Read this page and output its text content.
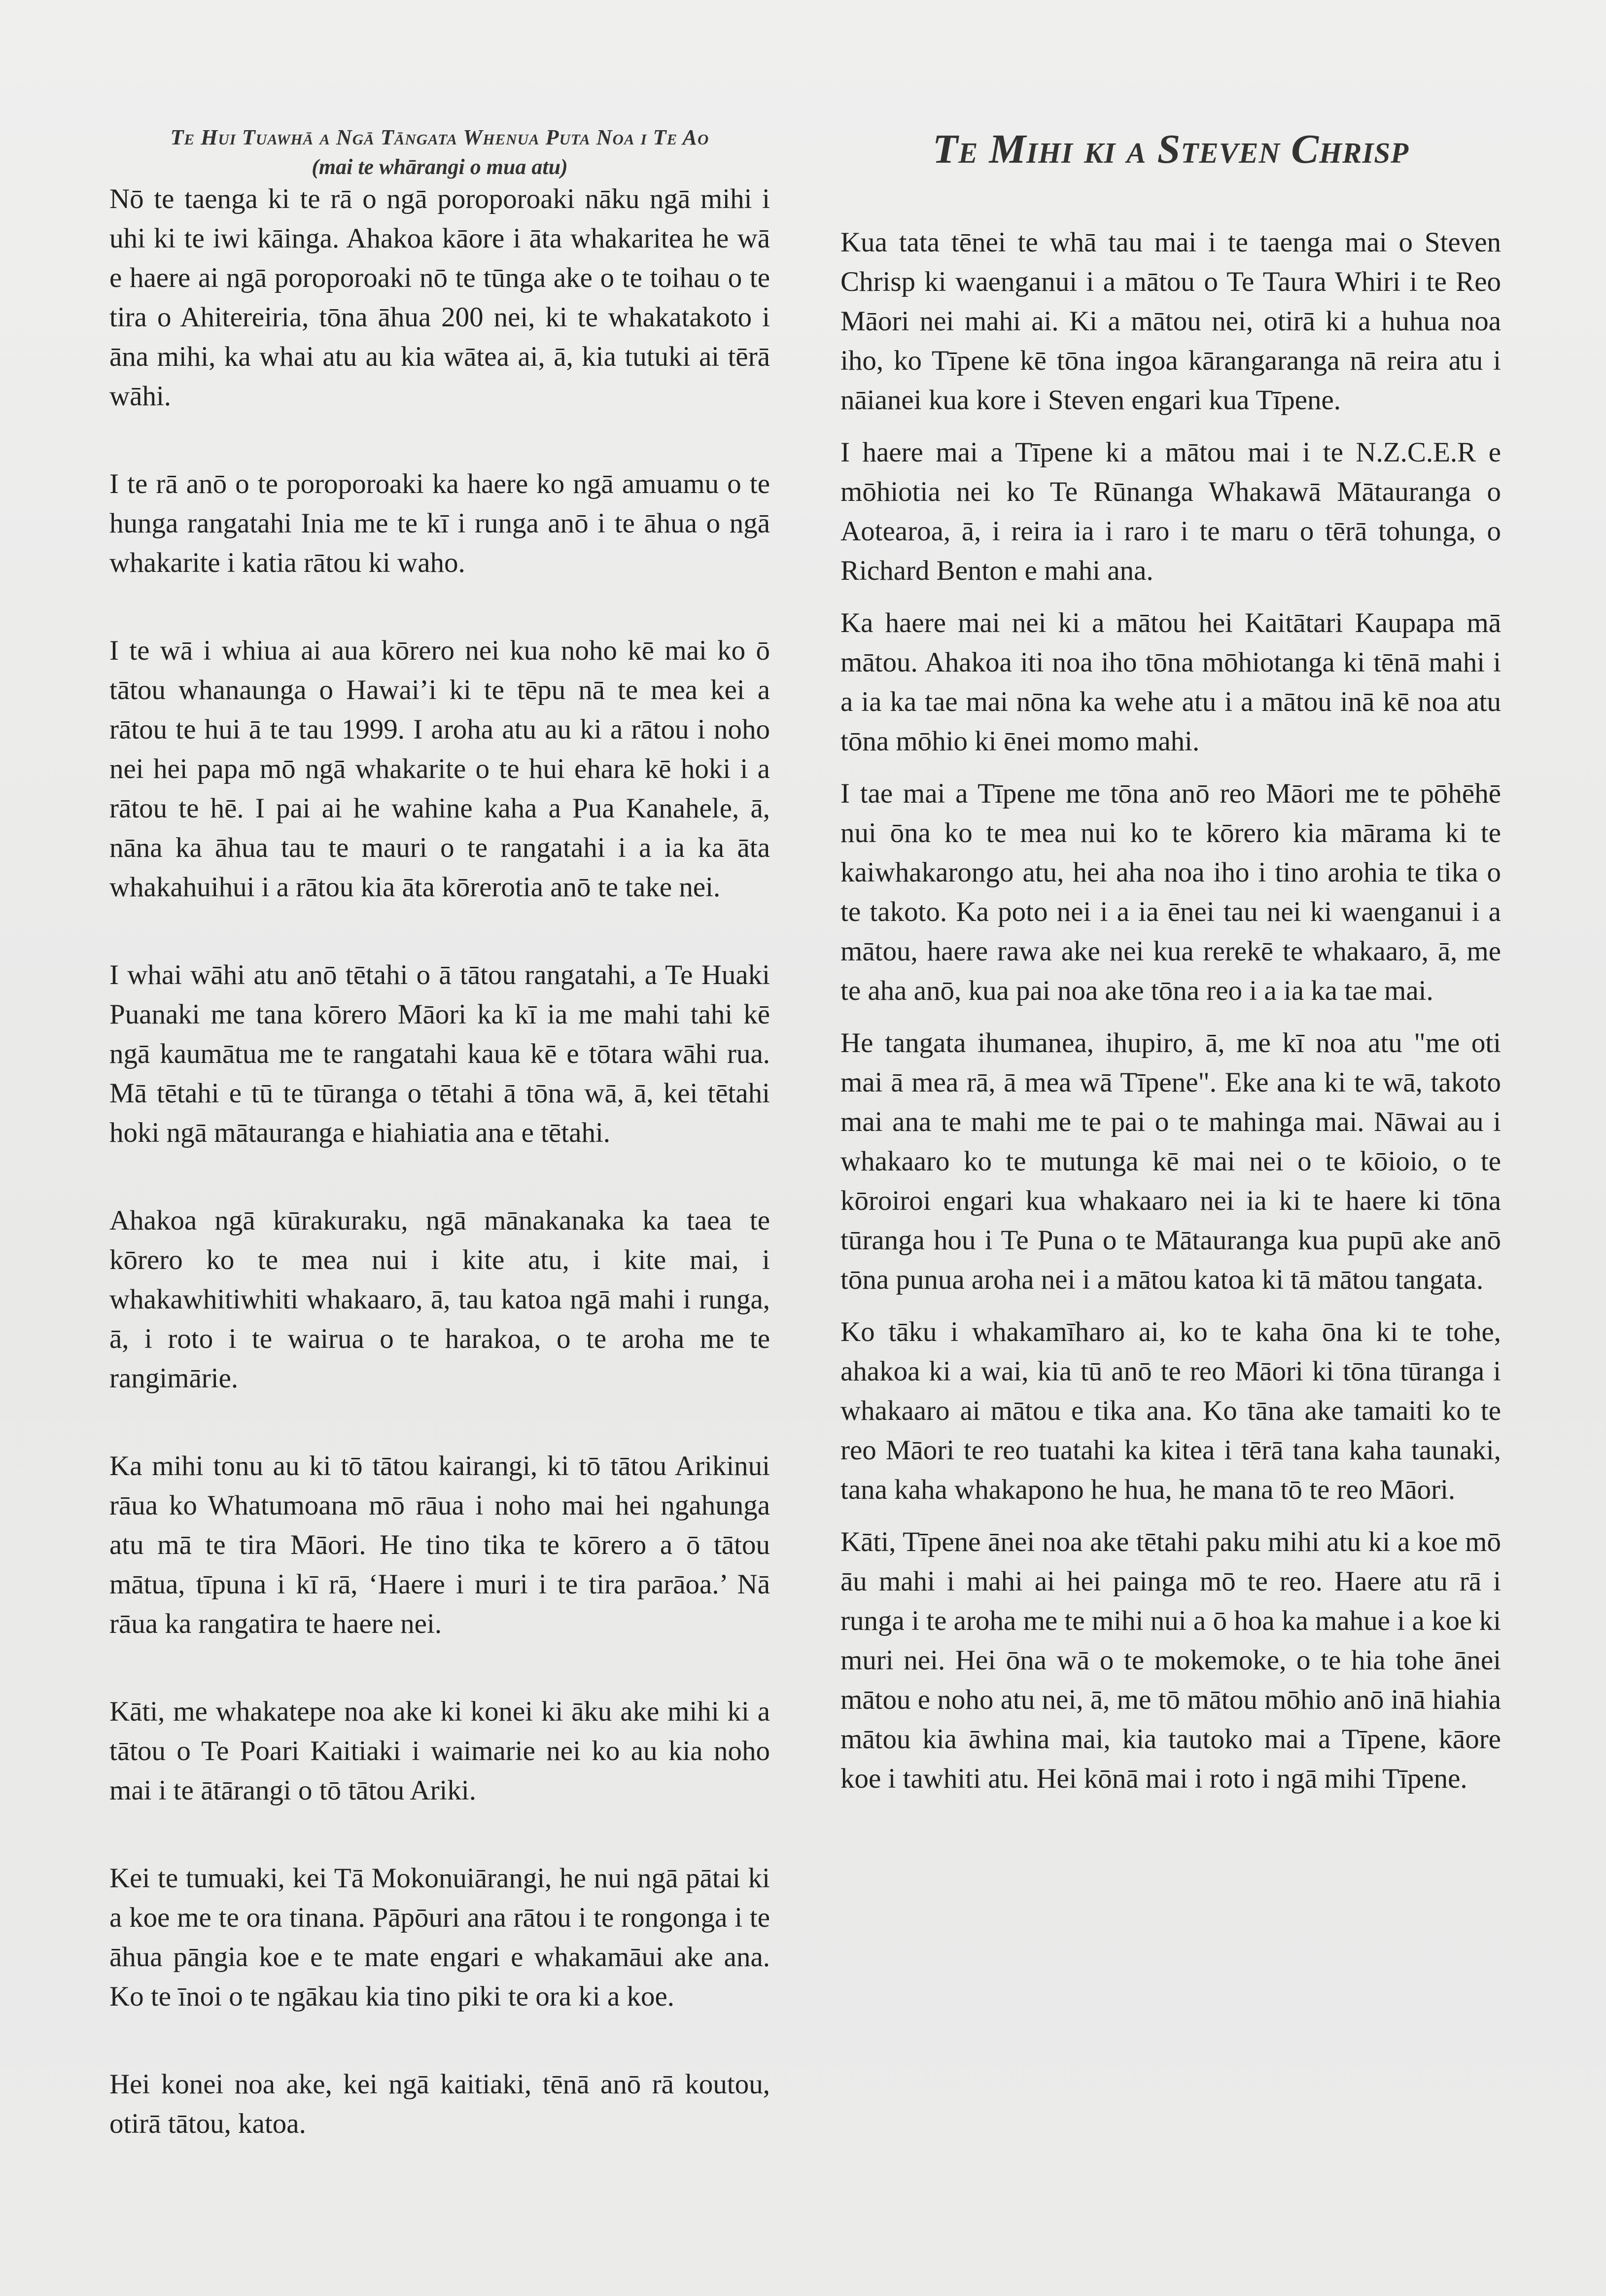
Te Hui Tuawhā a Ngā Tāngata Whenua Puta Noa i Te Ao
(mai te whārangi o mua atu)

Nō te taenga ki te rā o ngā poroporoaki nāku ngā mihi i uhi ki te iwi kāinga. Ahakoa kāore i āta whakaritea he wā e haere ai ngā poroporoaki nō te tūnga ake o te toihau o te tira o Ahitereiria, tōna āhua 200 nei, ki te whakatakoto i āna mihi, ka whai atu au kia wātea ai, ā, kia tutuki ai tērā wāhi.

I te rā anō o te poroporoaki ka haere ko ngā amuamu o te hunga rangatahi Inia me te kī i runga anō i te āhua o ngā whakarite i katia rātou ki waho.

I te wā i whiua ai aua kōrero nei kua noho kē mai ko ō tātou whanaunga o Hawai’i ki te tēpu nā te mea kei a rātou te hui ā te tau 1999. I aroha atu au ki a rātou i noho nei hei papa mō ngā whakarite o te hui ehara kē hoki i a rātou te hē. I pai ai he wahine kaha a Pua Kanahele, ā, nāna ka āhua tau te mauri o te rangatahi i a ia ka āta whakahuihui i a rātou kia āta kōrerotia anō te take nei.

I whai wāhi atu anō tētahi o ā tātou rangatahi, a Te Huaki Puanaki me tana kōrero Māori ka kī ia me mahi tahi kē ngā kaumātua me te rangatahi kaua kē e tōtara wāhi rua. Mā tētahi e tū te tūranga o tētahi ā tōna wā, ā, kei tētahi hoki ngā mātauranga e hiahiatia ana e tētahi.

Ahakoa ngā kūrakuraku, ngā mānakanaka ka taea te kōrero ko te mea nui i kite atu, i kite mai, i whakawhitiwhiti whakaaro, ā, tau katoa ngā mahi i runga, ā, i roto i te wairua o te harakoa, o te aroha me te rangimārie.

Ka mihi tonu au ki tō tātou kairangi, ki tō tātou Arikinui rāua ko Whatumoana mō rāua i noho mai hei ngahunga atu mā te tira Māori. He tino tika te kōrero a ō tātou mātua, tīpuna i kī rā, ‘Haere i muri i te tira parāoa.’ Nā rāua ka rangatira te haere nei.

Kāti, me whakatepe noa ake ki konei ki āku ake mihi ki a tātou o Te Poari Kaitiaki i waimarie nei ko au kia noho mai i te ātārangi o tō tātou Ariki.

Kei te tumuaki, kei Tā Mokonuiārangi, he nui ngā pātai ki a koe me te ora tinana. Pāpōuri ana rātou i te rongonga i te āhua pāngia koe e te mate engari e whakamāui ake ana. Ko te īnoi o te ngākau kia tino piki te ora ki a koe.

Hei konei noa ake, kei ngā kaitiaki, tēnā anō rā koutou, otirā tātou, katoa.

Te Mihi ki a Steven Chrisp

Kua tata tēnei te whā tau mai i te taenga mai o Steven Chrisp ki waenganui i a mātou o Te Taura Whiri i te Reo Māori nei mahi ai. Ki a mātou nei, otirā ki a huhua noa iho, ko Tīpene kē tōna ingoa kārangaranga nā reira atu i nāianei kua kore i Steven engari kua Tīpene.

I haere mai a Tīpene ki a mātou mai i te N.Z.C.E.R e mōhiotia nei ko Te Rūnanga Whakawā Mātauranga o Aotearoa, ā, i reira ia i raro i te maru o tērā tohunga, o Richard Benton e mahi ana.

Ka haere mai nei ki a mātou hei Kaitātari Kaupapa mā mātou. Ahakoa iti noa iho tōna mōhiotanga ki tēnā mahi i a ia ka tae mai nōna ka wehe atu i a mātou inā kē noa atu tōna mōhio ki ēnei momo mahi.

I tae mai a Tīpene me tōna anō reo Māori me te pōhēhē nui ōna ko te mea nui ko te kōrero kia mārama ki te kaiwhakarongo atu, hei aha noa iho i tino arohia te tika o te takoto. Ka poto nei i a ia ēnei tau nei ki waenganui i a mātou, haere rawa ake nei kua rerekē te whakaaro, ā, me te aha anō, kua pai noa ake tōna reo i a ia ka tae mai.

He tangata ihumanea, ihupiro, ā, me kī noa atu "me oti mai ā mea rā, ā mea wā Tīpene". Eke ana ki te wā, takoto mai ana te mahi me te pai o te mahinga mai. Nāwai au i whakaaro ko te mutunga kē mai nei o te kōioio, o te kōroiroi engari kua whakaaro nei ia ki te haere ki tōna tūranga hou i Te Puna o te Mātauranga kua pupū ake anō tōna punua aroha nei i a mātou katoa ki tā mātou tangata.

Ko tāku i whakamīharo ai, ko te kaha ōna ki te tohe, ahakoa ki a wai, kia tū anō te reo Māori ki tōna tūranga i whakaaro ai mātou e tika ana. Ko tāna ake tamaiti ko te reo Māori te reo tuatahi ka kitea i tērā tana kaha taunaki, tana kaha whakapono he hua, he mana tō te reo Māori.

Kāti, Tīpene ānei noa ake tētahi paku mihi atu ki a koe mō āu mahi i mahi ai hei painga mō te reo. Haere atu rā i runga i te aroha me te mihi nui a ō hoa ka mahue i a koe ki muri nei. Hei ōna wā o te mokemoke, o te hia tohe ānei mātou e noho atu nei, ā, me tō mātou mōhio anō inā hiahia mātou kia āwhina mai, kia tautoko mai a Tīpene, kāore koe i tawhiti atu. Hei kōnā mai i roto i ngā mihi Tīpene.
